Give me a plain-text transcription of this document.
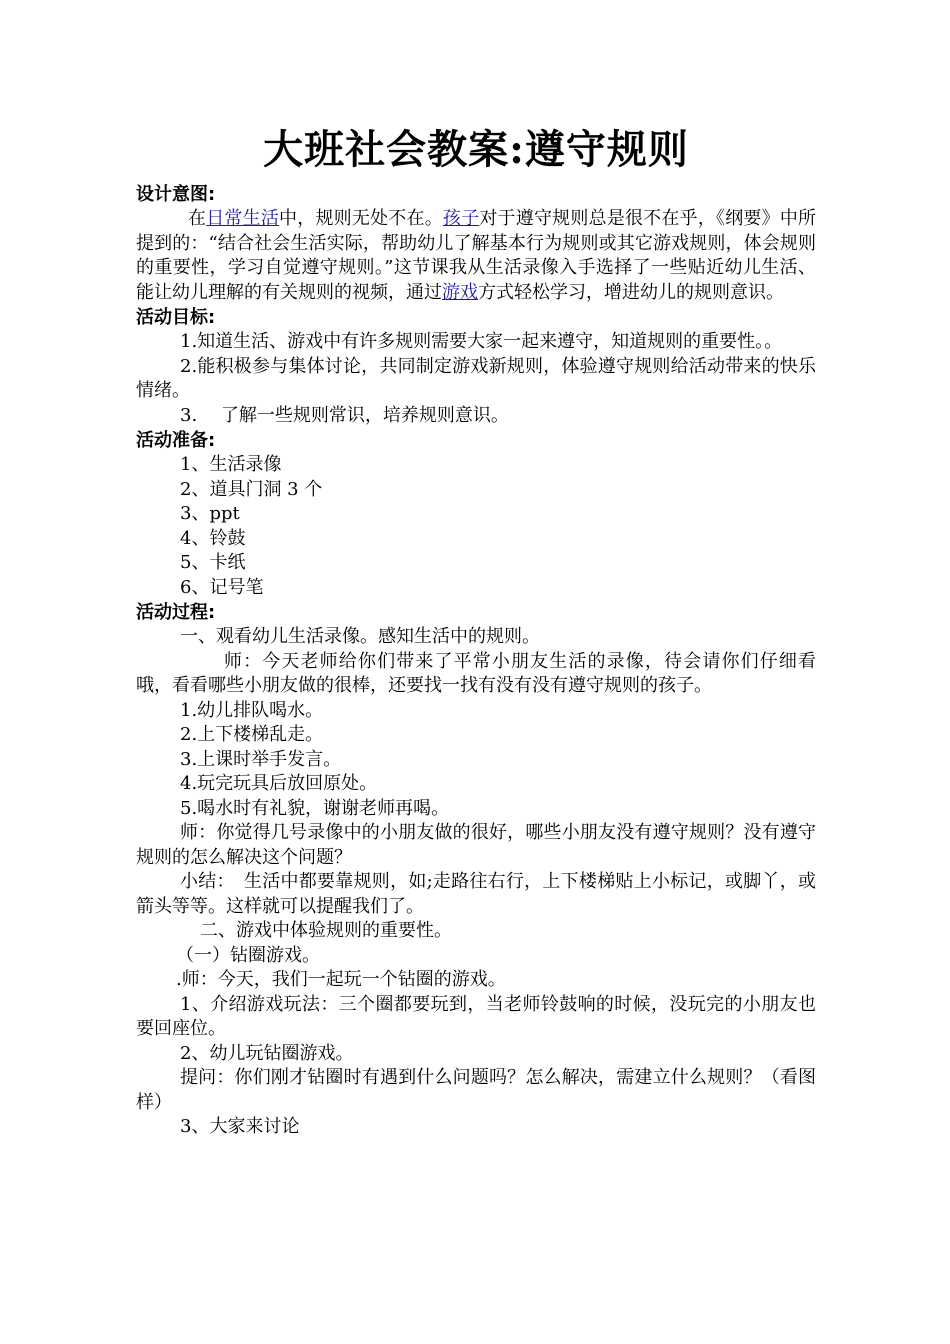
大班社会教案:遵守规则
设计意图:

在日常生活中，规则无处不在。孩子对于遵守规则总是很不在乎，《纲要》中所提到的：“结合社会生活实际，帮助幼儿了解基本行为规则或其它游戏规则，体会规则的重要性，学习自觉遵守规则。”这节课我从生活录像入手选择了一些贴近幼儿生活、能让幼儿理解的有关规则的视频，通过游戏方式轻松学习，增进幼儿的规则意识。

活动目标:

1.知道生活、游戏中有许多规则需要大家一起来遵守，知道规则的重要性。。

2.能积极参与集体讨论，共同制定游戏新规则，体验遵守规则给活动带来的快乐情绪。

3.　 了解一些规则常识，培养规则意识。

活动准备:

1、生活录像

2、道具门洞 3 个

3、ppt

4、铃鼓

5、卡纸

6、记号笔

活动过程:

一、观看幼儿生活录像。感知生活中的规则。

师：今天老师给你们带来了平常小朋友生活的录像，待会请你们仔细看哦，看看哪些小朋友做的很棒，还要找一找有没有没有遵守规则的孩子。

1.幼儿排队喝水。

2.上下楼梯乱走。

3.上课时举手发言。

4.玩完玩具后放回原处。

5.喝水时有礼貌，谢谢老师再喝。

师：你觉得几号录像中的小朋友做的很好，哪些小朋友没有遵守规则？没有遵守规则的怎么解决这个问题？

小结：　生活中都要靠规则，如;走路往右行，上下楼梯贴上小标记，或脚丫，或箭头等等。这样就可以提醒我们了。

二、游戏中体验规则的重要性。

（一）钻圈游戏。

.师：今天，我们一起玩一个钻圈的游戏。

1、介绍游戏玩法：三个圈都要玩到，当老师铃鼓响的时候，没玩完的小朋友也要回座位。

2、幼儿玩钻圈游戏。

提问：你们刚才钻圈时有遇到什么问题吗？怎么解决，需建立什么规则？（看图样）

3、大家来讨论
